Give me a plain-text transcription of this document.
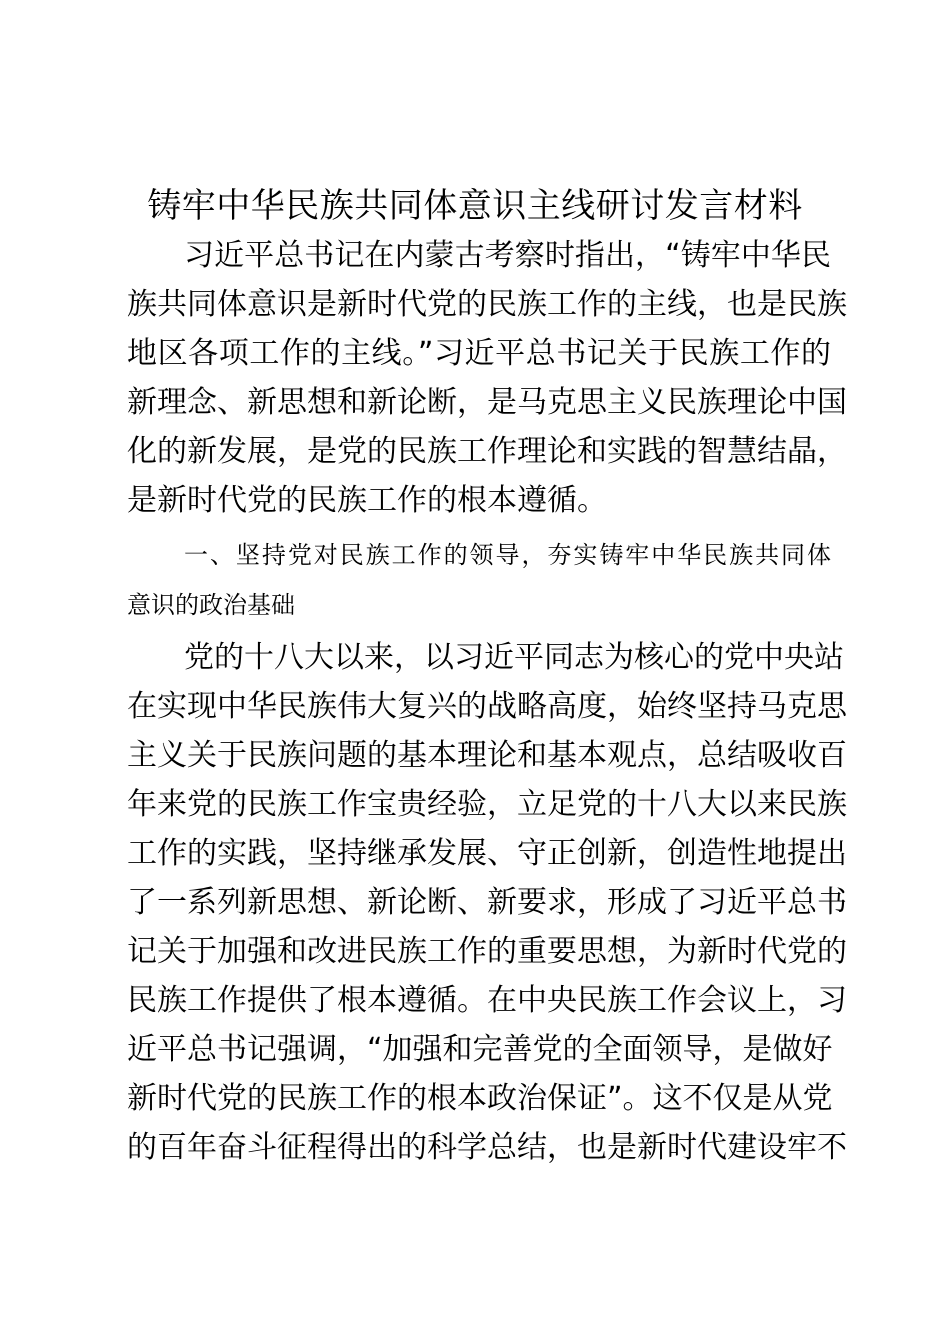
铸牢中华民族共同体意识主线研讨发言材料

习近平总书记在内蒙古考察时指出，“铸牢中华民

族共同体意识是新时代党的民族工作的主线，也是民族

地区各项工作的主线。”习近平总书记关于民族工作的

新理念、新思想和新论断，是马克思主义民族理论中国

化的新发展，是党的民族工作理论和实践的智慧结晶，

是新时代党的民族工作的根本遵循。

一、坚持党对民族工作的领导，夯实铸牢中华民族共同体

意识的政治基础

党的十八大以来，以习近平同志为核心的党中央站

在实现中华民族伟大复兴的战略高度，始终坚持马克思

主义关于民族问题的基本理论和基本观点，总结吸收百

年来党的民族工作宝贵经验，立足党的十八大以来民族

工作的实践，坚持继承发展、守正创新，创造性地提出

了一系列新思想、新论断、新要求，形成了习近平总书

记关于加强和改进民族工作的重要思想，为新时代党的

民族工作提供了根本遵循。在中央民族工作会议上，习

近平总书记强调，“加强和完善党的全面领导，是做好

新时代党的民族工作的根本政治保证”。这不仅是从党

的百年奋斗征程得出的科学总结，也是新时代建设牢不
